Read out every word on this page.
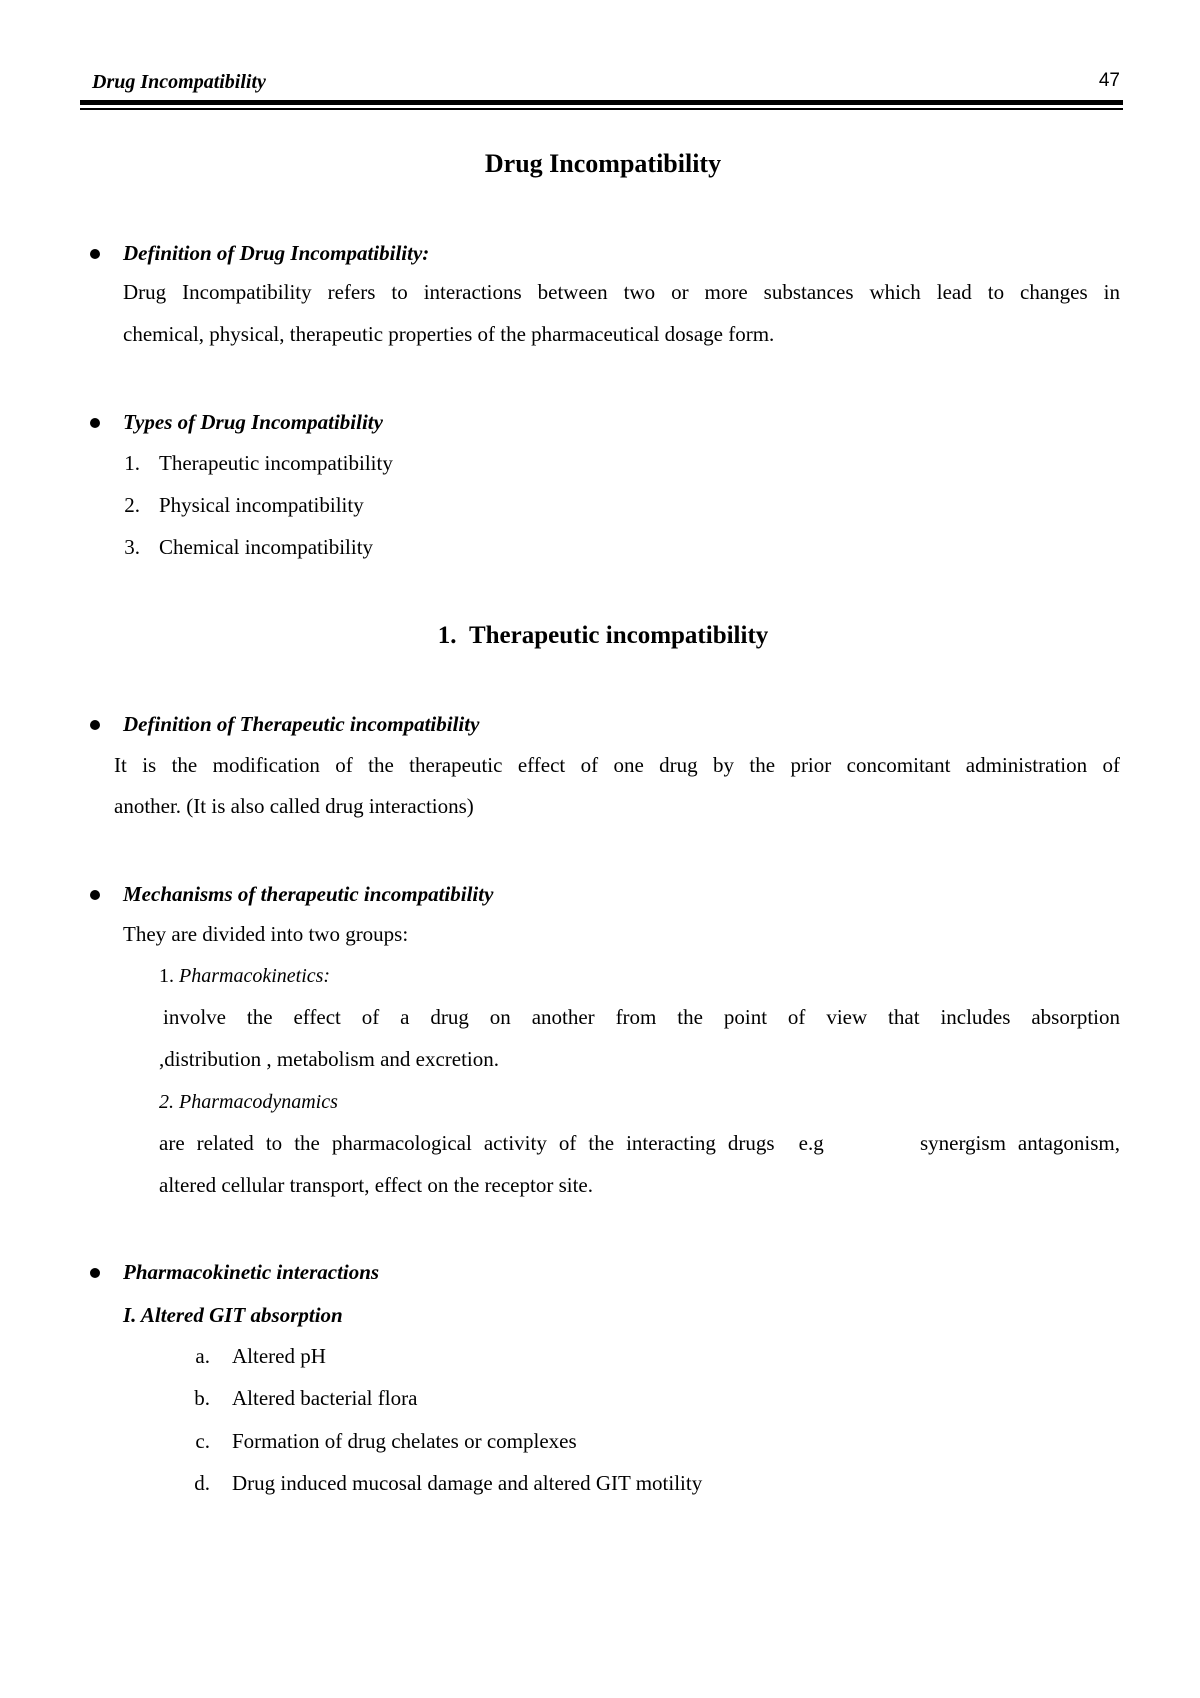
Drug Incompatibility	47
Drug Incompatibility
Definition of Drug Incompatibility:

Drug Incompatibility refers to interactions between two or more substances which lead to changes in

chemical, physical, therapeutic properties of the pharmaceutical dosage form.
Types of Drug Incompatibility
1. Therapeutic incompatibility
2. Physical incompatibility
3. Chemical incompatibility
1. Therapeutic incompatibility
Definition of Therapeutic incompatibility

It is the modification of the therapeutic effect of one drug by the prior concomitant administration of

another. (It is also called drug interactions)
Mechanisms of therapeutic incompatibility
They are divided into two groups:
1. Pharmacokinetics:

involve the effect of a drug on another from the point of view that includes absorption

,distribution , metabolism and excretion.
2. Pharmacodynamics

are related to the pharmacological activity of the interacting drugs  e.g        synergism antagonism,

altered cellular transport, effect on the receptor site.
Pharmacokinetic interactions
I. Altered GIT absorption
a. Altered pH
b. Altered bacterial flora
c. Formation of drug chelates or complexes
d. Drug induced mucosal damage and altered GIT motility
